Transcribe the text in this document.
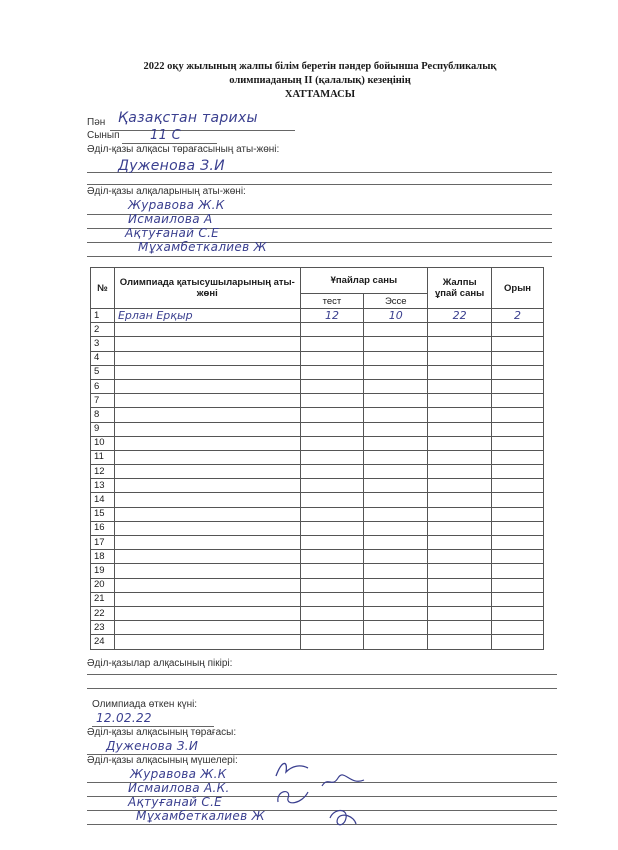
2022 оқу жылының жалпы білім беретін пәндер бойынша Республикалық
олимпиаданың II (қалалық) кезеңінің
ХАТТАМАСЫ
Пән Қазақстан тарихы
Сынып 11 С
Әділ-қазы алқасы төрағасының аты-жөні:
Дуженова З.И
Әділ-қазы алқаларының аты-жөні:
Журавова Ж.К
Исмаилова А
Ақтуғанай С.Е
Мұхамбеткалиев Ж
№	Олимпиада қатысушыларының аты-жөні	Ұпайлар саны		Жалпы ұпай саны	Орын
		тест	Эссе		
1	Ерлан Ерқыр	12	10	22	2
2					
3					
4					
5					
6					
7					
8					
9					
10					
11					
12					
13					
14					
15					
16					
17					
18					
19					
20					
21					
22					
23					
24					
Әділ-қазылар алқасының пікірі:
Олимпиада өткен күні:
12.02.22
Әділ-қазы алқасының төрағасы:
Дуженова З.И
Әділ-қазы алқасының мүшелері:
Журавова Ж.К
Исмаилова А.К.
Ақтуғанай С.Е
Мұхамбеткалиев Ж
